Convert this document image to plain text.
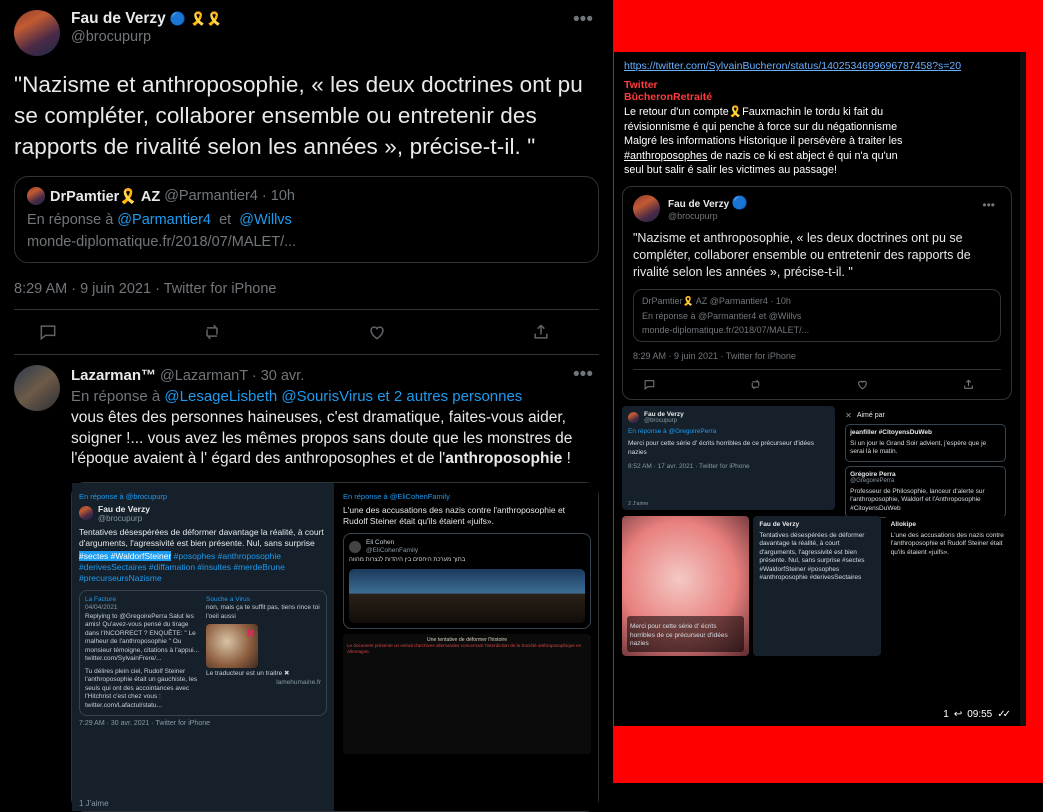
Fau de Verzy 🔵 🎗️🎗️
@brocupurp
•••
"Nazisme et anthroposophie, « les deux doctrines ont pu se compléter, collaborer ensemble ou entretenir des rapports de rivalité selon les années », précise-t-il. "
DrPamtier🎗️ AZ @Parmantier4 · 10h
En réponse à @Parmantier4 et @Willvs
monde-diplomatique.fr/2018/07/MALET/...
8:29 AM · 9 juin 2021 · Twitter for iPhone
Lazarman™ @LazarmanT · 30 avr.	•••
En réponse à @LesageLisbeth @SourisVirus et 2 autres personnes
vous êtes des personnes haineuses, c'est dramatique, faites-vous aider, soigner !... vous avez les mêmes propos sans doute que les monstres de l'époque avaient à l' égard des anthroposophes et de l'anthroposophie !
En réponse à @brocupurp
Fau de Verzy
@brocupurp
Tentatives désespérées de déformer davantage la réalité, à court d'arguments, l'agressivité est bien présente. Nul, sans surprise
#sectes #WaldorfSteiner #posophes #anthroposophie #derivesSectaires #diffamation #insultes #merdeBrune #precurseursNazisme
La Facture
04/04/2021
Replying to @GregoirePerra Salut les amis! Qu'avez-vous pensé du tirage dans l'INCORRECT ? ENQUÊTE: " Le malheur de l'anthroposophie " Ou monsieur témoigne, citations à l'appui... twitter.com/SylvainFrere/...
Tu délires plein ciel, Rudolf Steiner l'anthroposophie était un gauchiste, les seuls qui ont des accointances avec l'Hitchrist c'est chez vous : twitter.com/Lafactul/statu...
Souche a Virus
non, mais ça te suffit pas, tiens rince toi l'oeil aussi
✖
Le traducteur est un traitre ✖
lamehumaine.fr
7:29 AM · 30 avr. 2021 · Twitter for iPhone
1 J'aime
En réponse à @EliCohenFamily
L'une des accusations des nazis contre l'anthroposophie et Rudolf Steiner était qu'ils étaient «juifs».
Eli Cohen
@EliCohenFamily
בתוך מערכת היחסים בין היהדות לנצרות מהווה
Une tentative de déformer l'histoire
Le document présente un extrait d'archives allemandes concernant l'interdiction de la Société anthroposophique en Allemagne.
https://twitter.com/SylvainBucheron/status/1402534699696787458?s=20
Twitter
BûcheronRetraité
Le retour d'un compte🎗️Fauxmachin le tordu ki fait du
révisionnisme é qui penche à force sur du négationnisme
Malgré les informations Historique il persévère à traiter les
#anthroposophes de nazis ce ki est abject é qui n'a qu'un
seul but salir é salir les victimes au passage!
Fau de Verzy 🔵
@brocupurp
•••
"Nazisme et anthroposophie, « les deux doctrines ont pu se compléter, collaborer ensemble ou entretenir des rapports de rivalité selon les années », précise-t-il. "
DrPamtier🎗️ AZ @Parmantier4 · 10h
En réponse à @Parmantier4 et @Willvs
monde-diplomatique.fr/2018/07/MALET/...
8:29 AM · 9 juin 2021 · Twitter for iPhone
Fau de Verzy
@brocupurp
En réponse à @GregoirePerra
Merci pour cette série d' écrits horribles de ce précurseur d'idées nazies
8:52 AM · 17 avr. 2021 · Twitter for iPhone
2 J'aime
✕ Aimé par
jeanfiller #CitoyensDuWeb
Si un jour le Grand Soir advient, j'espère que je serai là le matin.
Grégoire Perra
@GregoirePerra
Professeur de Philosophie, lanceur d'alerte sur l'anthroposophie, Waldorf et l'Anthroposophie #CitoyensDuWeb
Merci pour cette série d' écrits horribles de ce précurseur d'idées nazies
Fau de Verzy
Tentatives désespérées de déformer davantage la réalité, à court d'arguments, l'agressivité est bien présente. Nul, sans surprise #sectes #WaldorfSteiner #posophes #anthroposophie #derivesSectaires
Allokipe
L'une des accusations des nazis contre l'anthroposophie et Rudolf Steiner était qu'ils étaient «juifs».
1 ↩ 09:55 ✓✓
